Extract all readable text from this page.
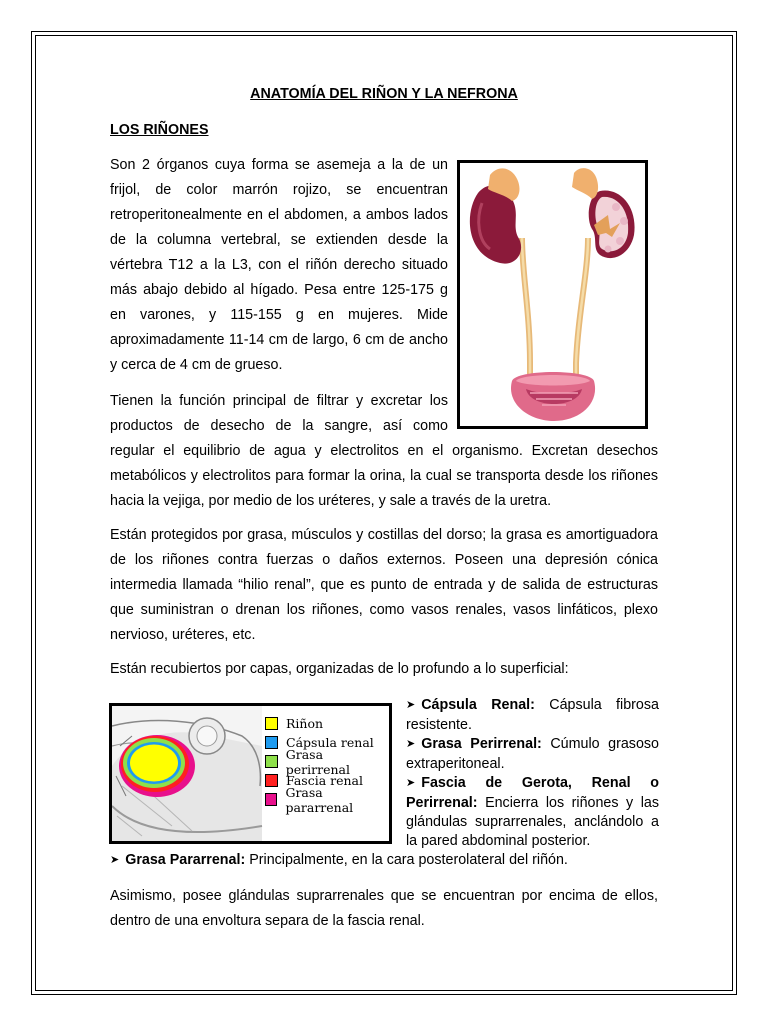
ANATOMÍA DEL RIÑON Y LA NEFRONA
LOS RIÑONES
Son 2 órganos cuya forma se asemeja a la de un frijol, de color marrón rojizo, se encuentran retroperitonealmente en el abdomen, a ambos lados de la columna vertebral, se extienden desde la vértebra T12 a la L3, con el riñón derecho situado más abajo debido al hígado. Pesa entre 125-175 g en varones, y 115-155 g en mujeres. Mide aproximadamente 11-14 cm de largo, 6 cm de ancho y cerca de 4 cm de grueso.
Tienen la función principal de filtrar y excretar los productos de desecho de la sangre, así como
regular el equilibrio de agua y electrolitos en el organismo. Excretan desechos metabólicos y electrolitos para formar la orina, la cual se transporta desde los riñones hacia la vejiga, por medio de los uréteres, y sale a través de la uretra.
Están protegidos por grasa, músculos y costillas del dorso; la grasa es amortiguadora de los riñones contra fuerzas o daños externos. Poseen una depresión cónica intermedia llamada “hilio renal”, que es punto de entrada y de salida de estructuras que suministran o drenan los riñones, como vasos renales, vasos linfáticos, plexo nervioso, uréteres, etc.
Están recubiertos por capas, organizadas de lo profundo a lo superficial:
Riñon
Cápsula renal
Grasa perirrenal
Fascia renal
Grasa pararrenal
➤ Cápsula Renal: Cápsula fibrosa resistente.
➤ Grasa Perirrenal: Cúmulo grasoso extraperitoneal.
➤ Fascia de Gerota, Renal o Perirrenal: Encierra los riñones y las glándulas suprarrenales, anclándolo a la pared abdominal posterior.
➤ Grasa Pararrenal: Principalmente, en la cara posterolateral del riñón.
Asimismo, posee glándulas suprarrenales que se encuentran por encima de ellos, dentro de una envoltura separa de la fascia renal.
